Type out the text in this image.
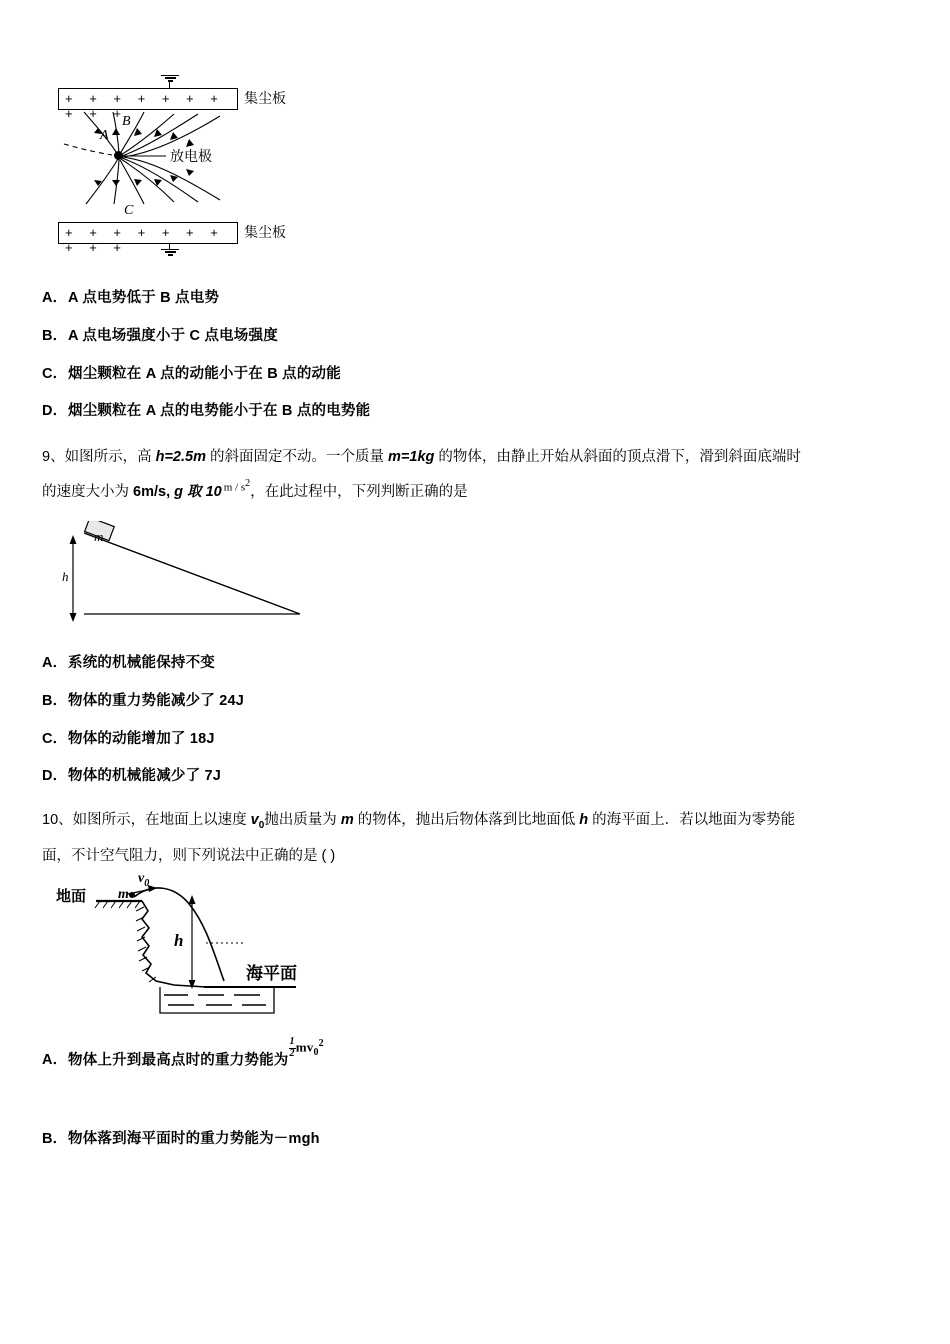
+ + + + + + + + + +
+ + + + + + + + + +
A
B
C
集尘板
放电极
集尘板

A．A 点电势低于 B 点电势

B．A 点电场强度小于 C 点电场强度

C．烟尘颗粒在 A 点的动能小于在 B 点的动能

D．烟尘颗粒在 A 点的电势能小于在 B 点的电势能

9、如图所示，高 h=2.5m 的斜面固定不动。一个质量 m=1kg 的物体，由静止开始从斜面的顶点滑下，滑到斜面底端时

的速度大小为 6m/s, g 取 10 m / s2，在此过程中，下列判断正确的是

m
h

A．系统的机械能保持不变

B．物体的重力势能减少了 24J

C．物体的动能增加了 18J

D．物体的机械能减少了 7J

10、如图所示，在地面上以速度 $v_0$抛出质量为 m 的物体，抛出后物体落到比地面低 h 的海平面上．若以地面为零势能

面，不计空气阻力，则下列说法中正确的是 ( )

地面 m
$v_0$
h
海平面

A．物体上升到最高点时的重力势能为
$\frac{1}{2} mv_0^2$

B．物体落到海平面时的重力势能为－mgh
